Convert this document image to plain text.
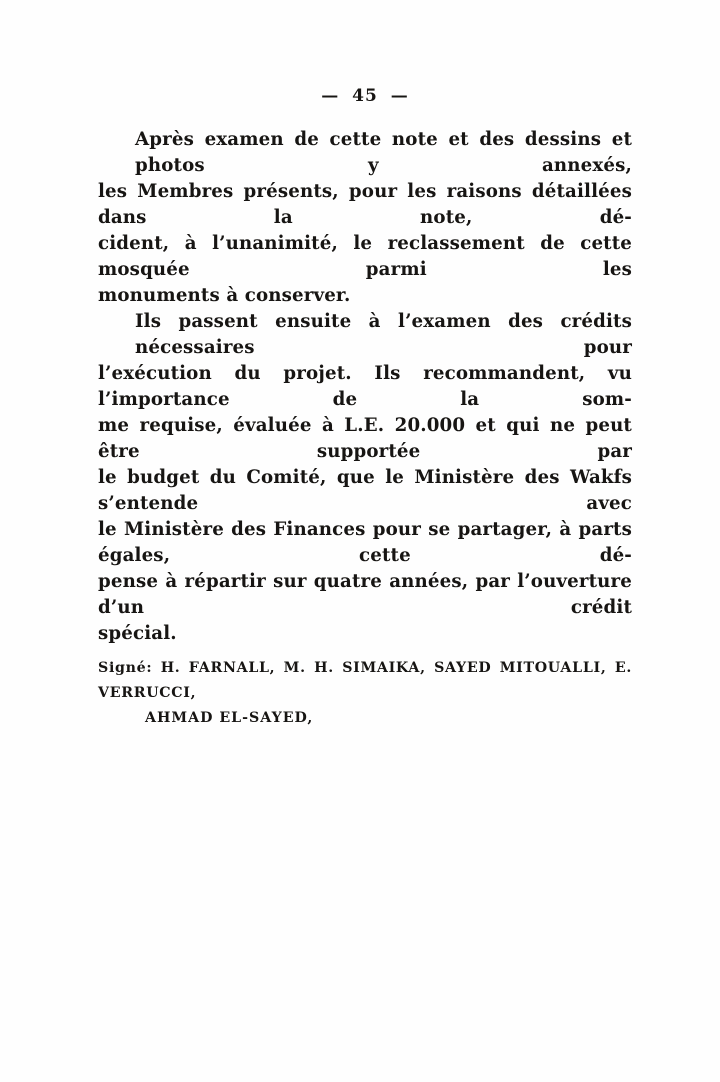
— 45 —
Après examen de cette note et des dessins et photos y annexés,
les Membres présents, pour les raisons détaillées dans la note, dé-
cident, à l’unanimité, le reclassement de cette mosquée parmi les
monuments à conserver.
Ils passent ensuite à l’examen des crédits nécessaires pour
l’exécution du projet. Ils recommandent, vu l’importance de la som-
me requise, évaluée à L.E. 20.000 et qui ne peut être supportée par
le budget du Comité, que le Ministère des Wakfs s’entende avec
le Ministère des Finances pour se partager, à parts égales, cette dé-
pense à répartir sur quatre années, par l’ouverture d’un crédit
spécial.
Signé: H. FARNALL, M. H. SIMAIKA, SAYED MITOUALLI, E. VERRUCCI,
AHMAD EL-SAYED,
